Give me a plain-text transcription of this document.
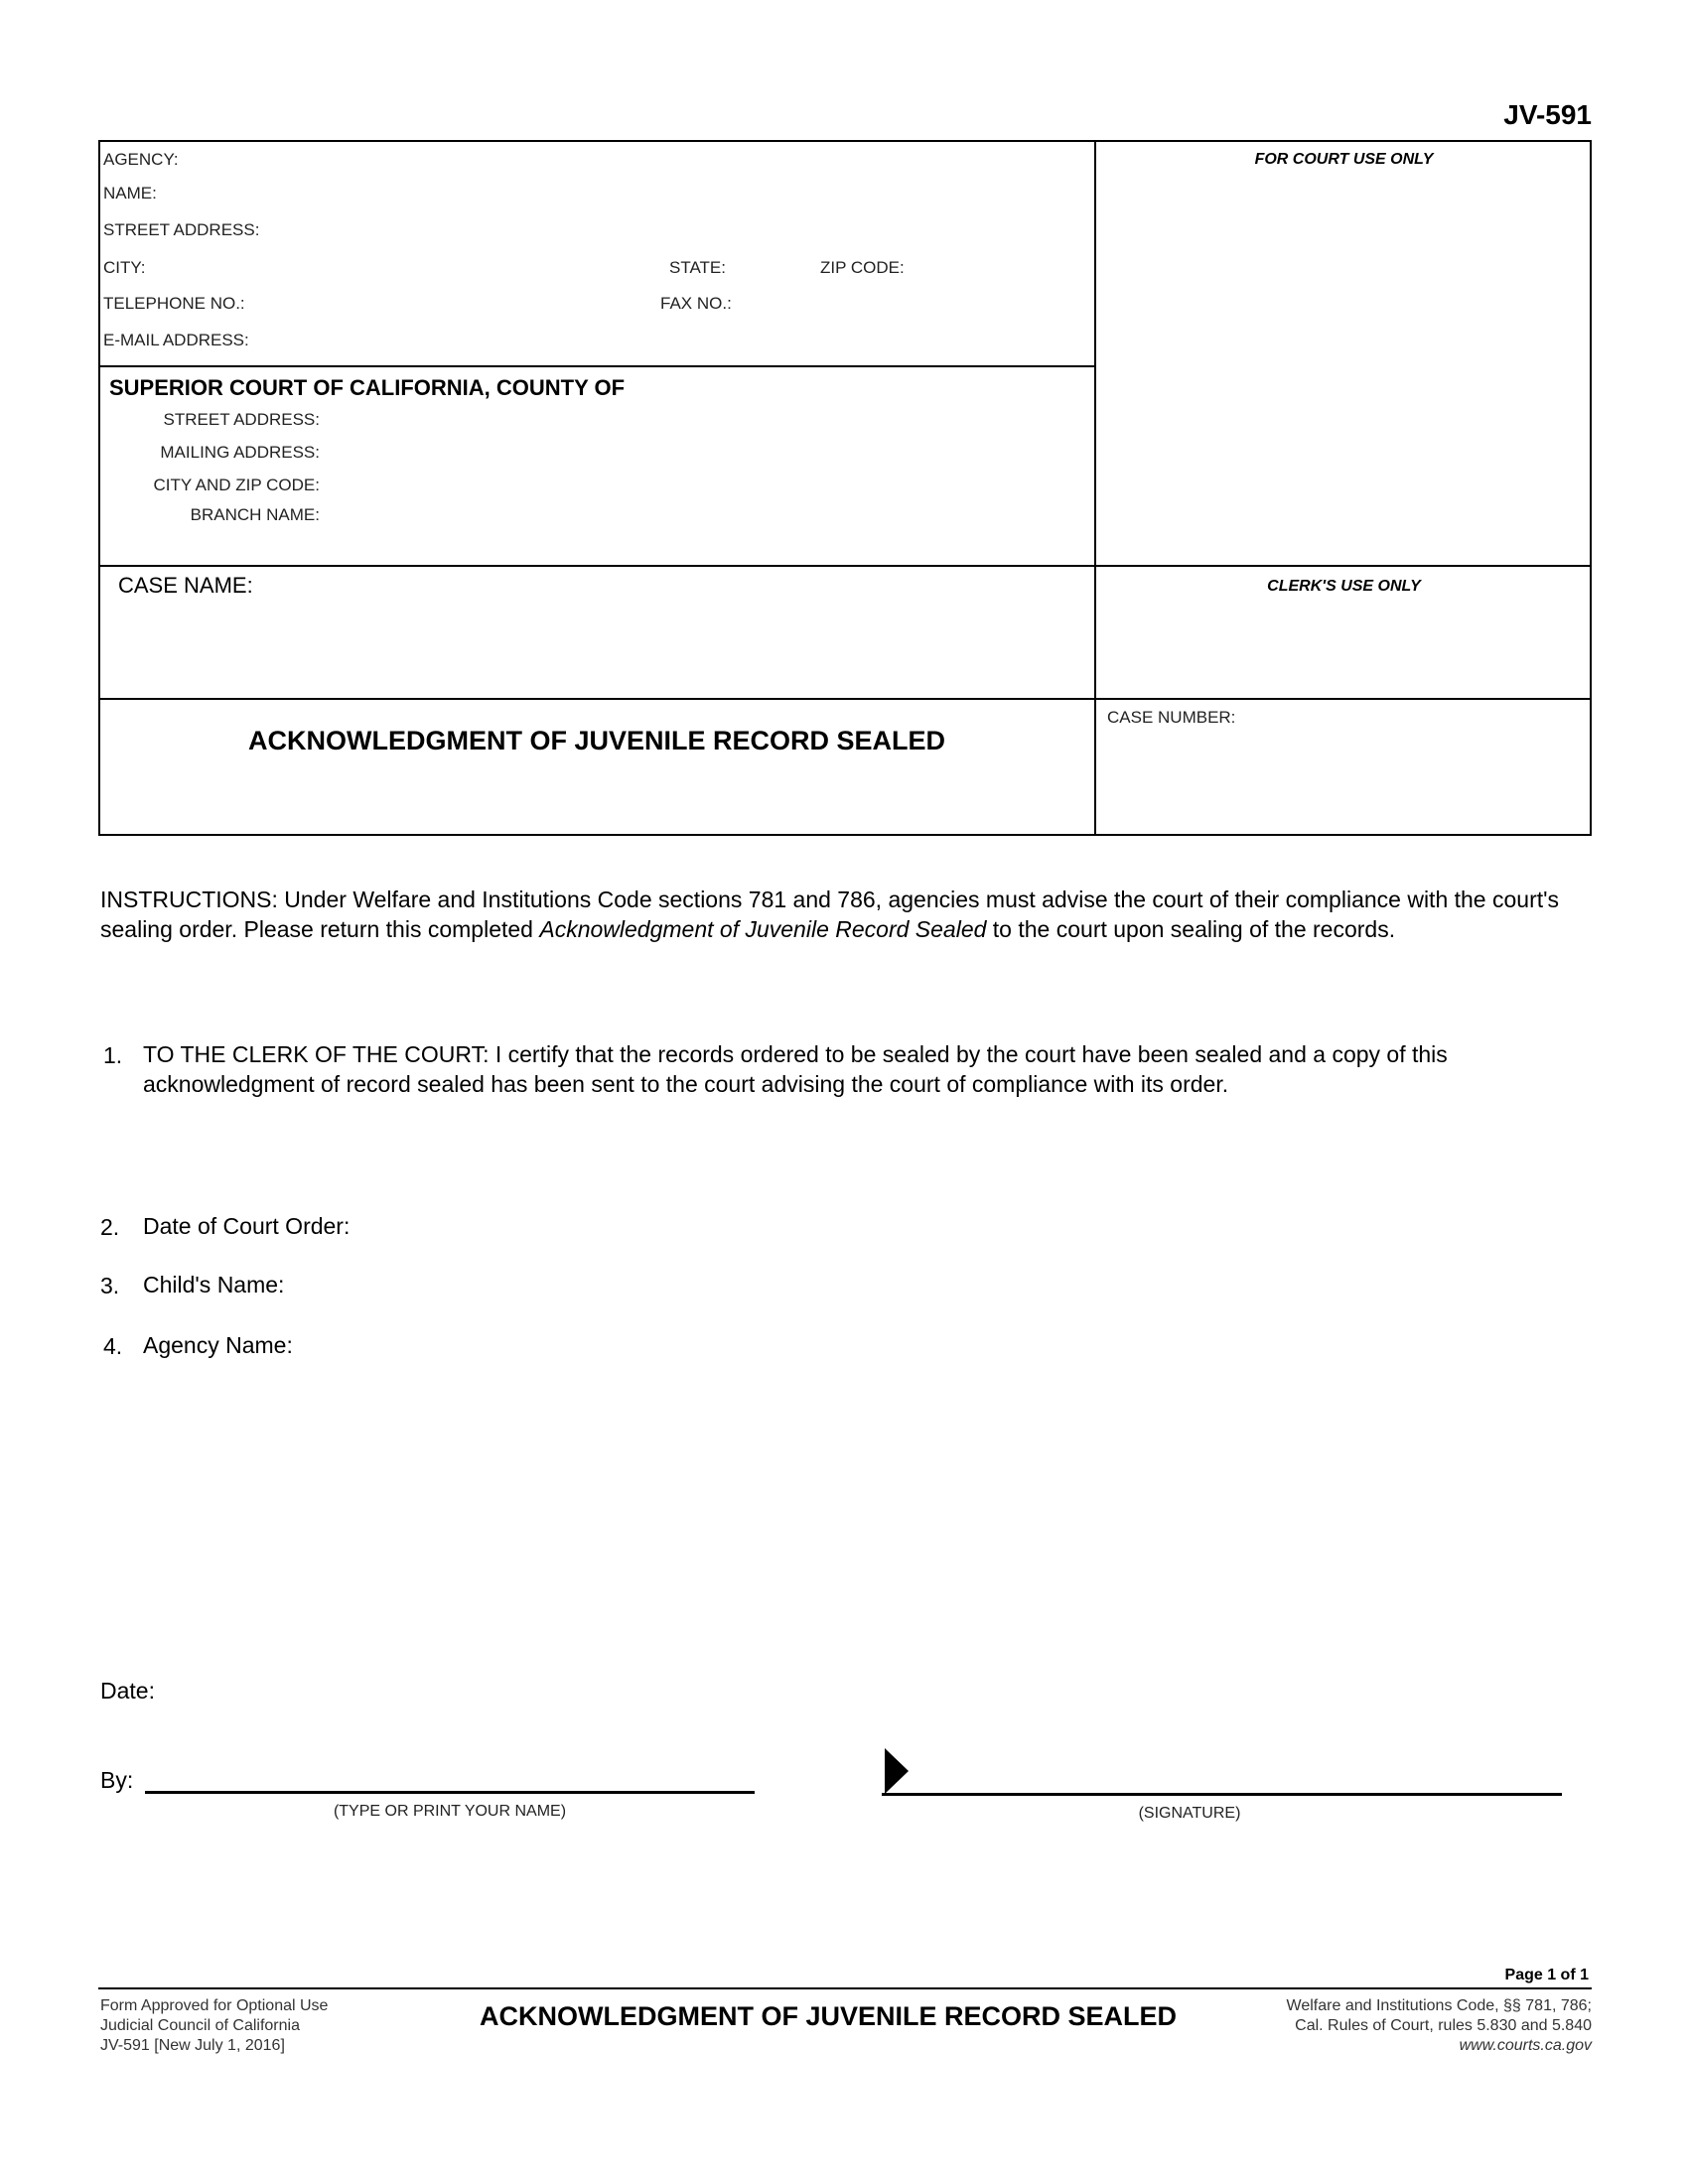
JV-591
AGENCY:
NAME:
STREET ADDRESS:
CITY:	STATE:	ZIP CODE:
TELEPHONE NO.:	FAX NO.:
E-MAIL ADDRESS:
FOR COURT USE ONLY
SUPERIOR COURT OF CALIFORNIA, COUNTY OF
STREET ADDRESS:
MAILING ADDRESS:
CITY AND ZIP CODE:
BRANCH NAME:
CASE NAME:	CLERK'S USE ONLY
ACKNOWLEDGMENT OF JUVENILE RECORD SEALED
CASE NUMBER:
INSTRUCTIONS: Under Welfare and Institutions Code sections 781 and 786, agencies must advise the court of their compliance with the court's sealing order. Please return this completed Acknowledgment of Juvenile Record Sealed to the court upon sealing of the records.
1. TO THE CLERK OF THE COURT: I certify that the records ordered to be sealed by the court have been sealed and a copy of this acknowledgment of record sealed has been sent to the court advising the court of compliance with its order.
2. Date of Court Order:
3. Child's Name:
4. Agency Name:
Date:
By:
(TYPE OR PRINT YOUR NAME)	(SIGNATURE)
Page 1 of 1
Form Approved for Optional Use
Judicial Council of California
JV-591 [New July 1, 2016]
ACKNOWLEDGMENT OF JUVENILE RECORD SEALED	Welfare and Institutions Code, §§ 781, 786;
Cal. Rules of Court, rules 5.830 and 5.840
www.courts.ca.gov
